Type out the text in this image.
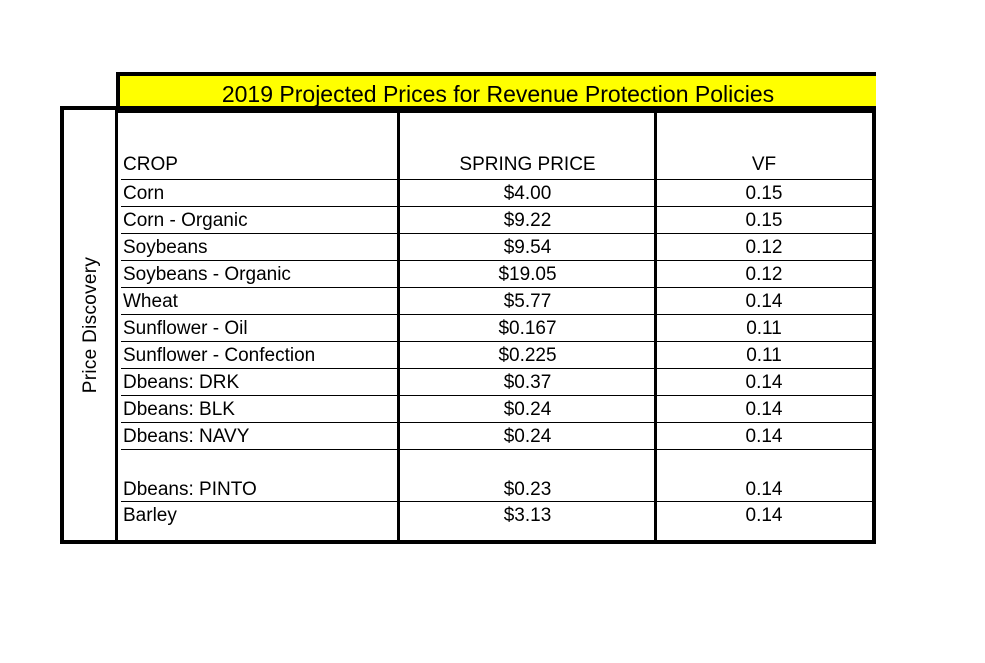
2019 Projected Prices for Revenue Protection Policies
Price Discovery
CROP	SPRING PRICE	VF
Corn	$4.00	0.15
Corn - Organic	$9.22	0.15
Soybeans	$9.54	0.12
Soybeans - Organic	$19.05	0.12
Wheat	$5.77	0.14
Sunflower - Oil	$0.167	0.11
Sunflower - Confection	$0.225	0.11
Dbeans: DRK	$0.37	0.14
Dbeans: BLK	$0.24	0.14
Dbeans: NAVY	$0.24	0.14
Dbeans: PINTO	$0.23	0.14
Barley	$3.13	0.14
